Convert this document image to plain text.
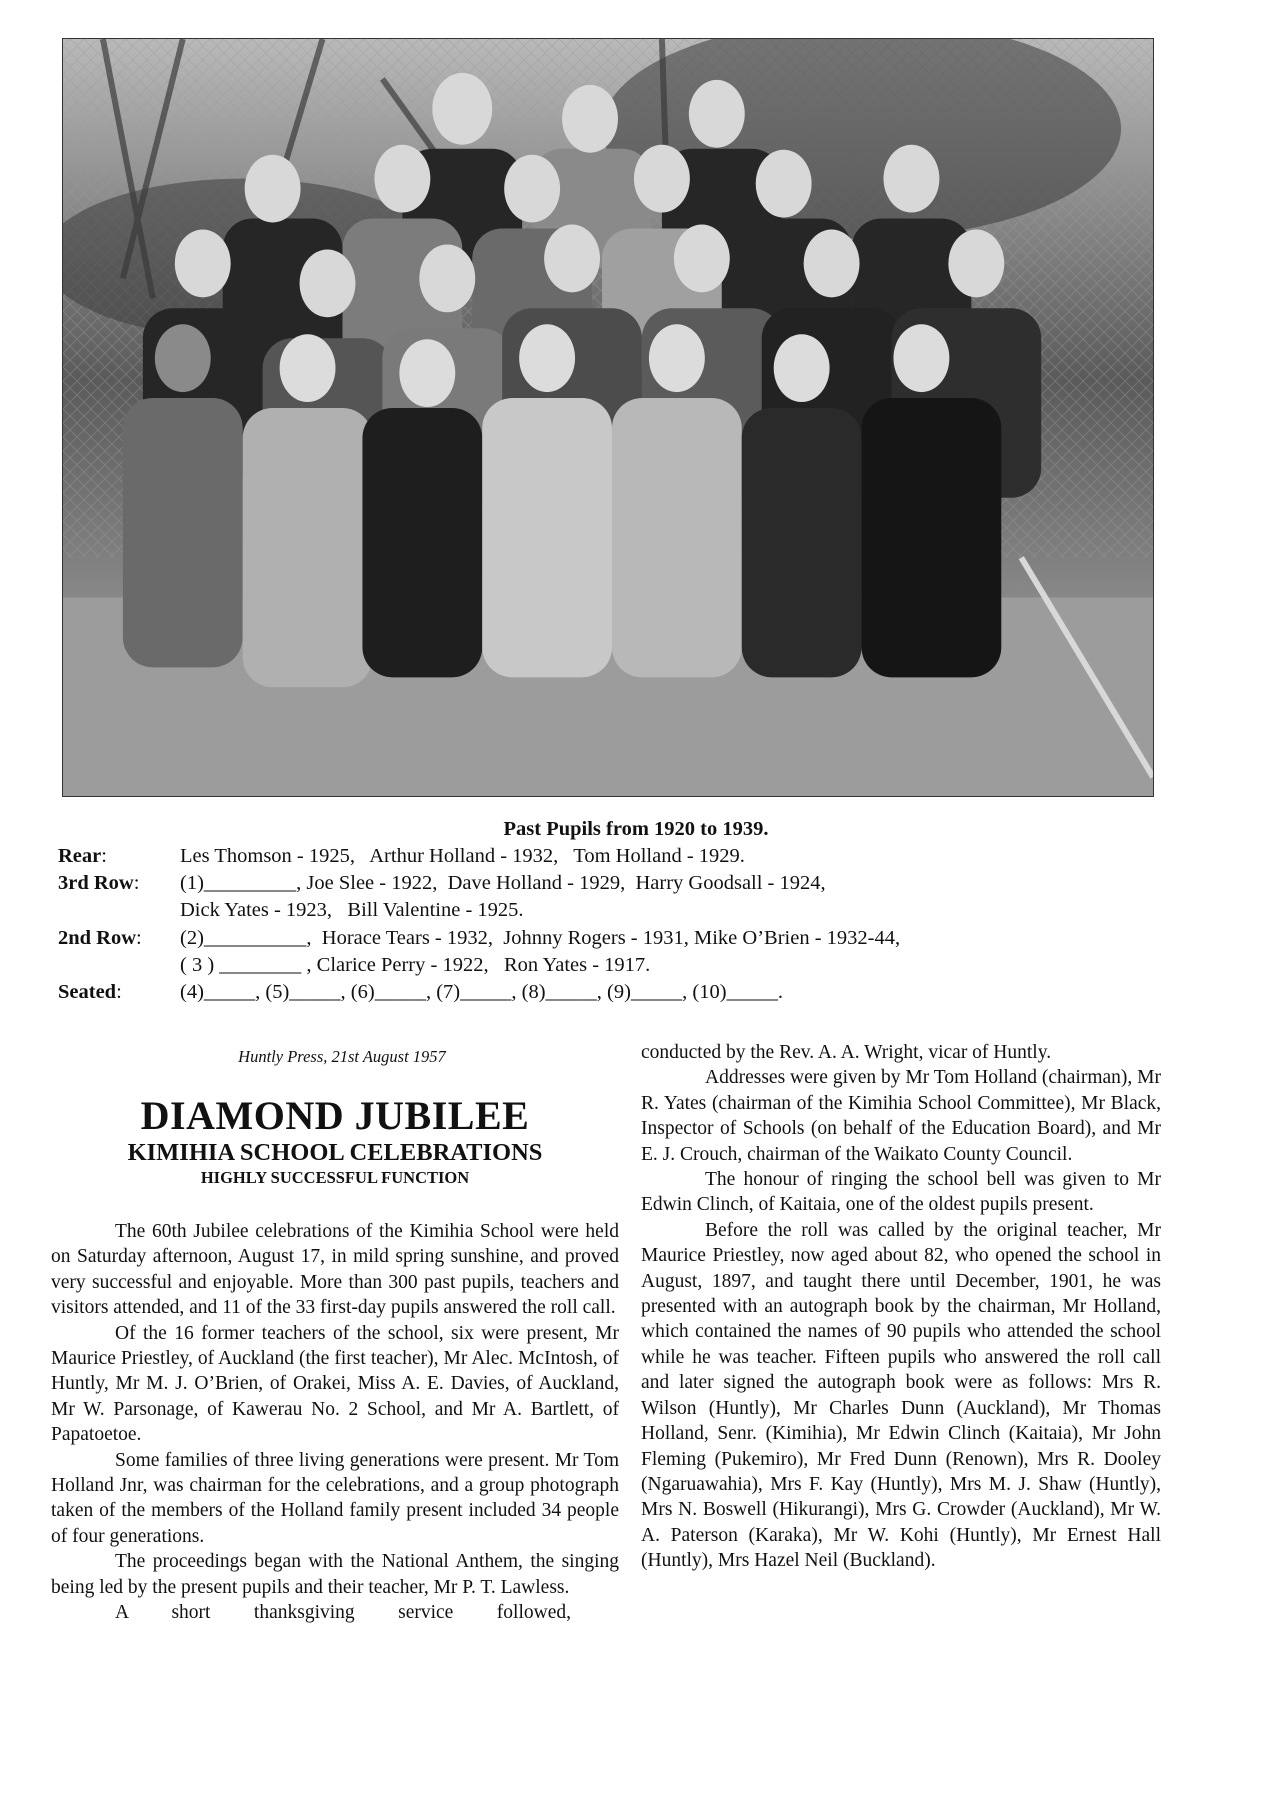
Past Pupils from 1920 to 1939.
Rear:	Les Thomson - 1925,   Arthur Holland - 1932,   Tom Holland - 1929.
3rd Row:	(1)_________, Joe Slee - 1922,  Dave Holland - 1929,  Harry Goodsall - 1924,
Dick Yates - 1923,   Bill Valentine - 1925.
2nd Row:	(2)__________,  Horace Tears - 1932,  Johnny Rogers - 1931, Mike O’Brien - 1932-44,
( 3 ) ________ , Clarice Perry - 1922,   Ron Yates - 1917.
Seated:	(4)_____, (5)_____, (6)_____, (7)_____, (8)_____, (9)_____, (10)_____.
Huntly Press, 21st August 1957
DIAMOND JUBILEE
KIMIHIA SCHOOL CELEBRATIONS
HIGHLY SUCCESSFUL FUNCTION

The 60th Jubilee celebrations of the Kimihia School were held on Saturday afternoon, August 17, in mild spring sunshine, and proved very successful and enjoyable. More than 300 past pupils, teachers and visitors attended, and 11 of the 33 first-day pupils answered the roll call.

Of the 16 former teachers of the school, six were present, Mr Maurice Priestley, of Auckland (the first teacher), Mr Alec. McIntosh, of Huntly, Mr M. J. O’Brien, of Orakei, Miss A. E. Davies, of Auckland, Mr W. Parsonage, of Kawerau No. 2 School, and Mr A. Bartlett, of Papatoetoe.

Some families of three living generations were present. Mr Tom Holland Jnr, was chairman for the celebrations, and a group photograph taken of the members of the Holland family present included 34 people of four generations.

The proceedings began with the National Anthem, the singing being led by the present pupils and their teacher, Mr P. T. Lawless.

A short thanksgiving service followed,

conducted by the Rev. A. A. Wright, vicar of Huntly.

Addresses were given by Mr Tom Holland (chairman), Mr R. Yates (chairman of the Kimihia School Committee), Mr Black, Inspector of Schools (on behalf of the Education Board), and Mr E. J. Crouch, chairman of the Waikato County Council.

The honour of ringing the school bell was given to Mr Edwin Clinch, of Kaitaia, one of the oldest pupils present.

Before the roll was called by the original teacher, Mr Maurice Priestley, now aged about 82, who opened the school in August, 1897, and taught there until December, 1901, he was presented with an autograph book by the chairman, Mr Holland, which contained the names of 90 pupils who attended the school while he was teacher. Fifteen pupils who answered the roll call and later signed the autograph book were as follows: Mrs R. Wilson (Huntly), Mr Charles Dunn (Auckland), Mr Thomas Holland, Senr. (Kimihia), Mr Edwin Clinch (Kaitaia), Mr John Fleming (Pukemiro), Mr Fred Dunn (Renown), Mrs R. Dooley (Ngaruawahia), Mrs F. Kay (Huntly), Mrs M. J. Shaw (Huntly), Mrs N. Boswell (Hikurangi), Mrs G. Crowder (Auckland), Mr W. A. Paterson (Karaka), Mr W. Kohi (Huntly), Mr Ernest Hall (Huntly), Mrs Hazel Neil (Buckland).
